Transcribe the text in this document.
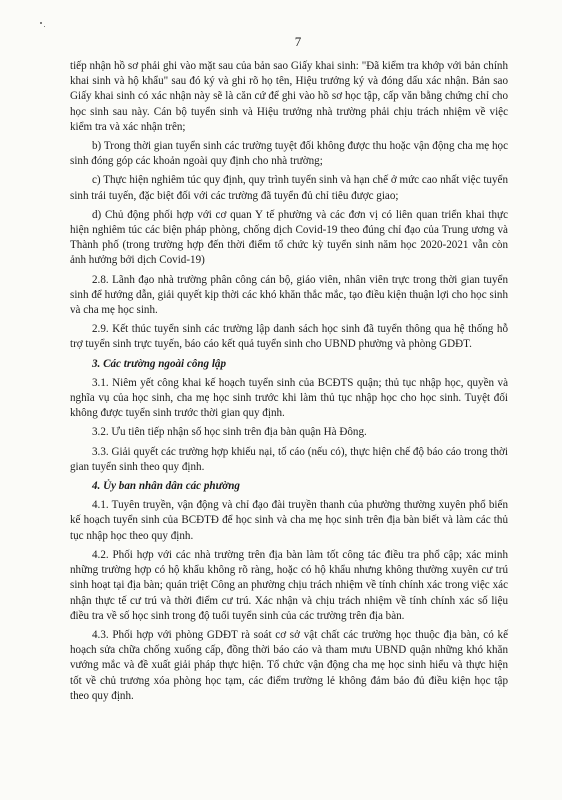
7

tiếp nhận hồ sơ phải ghi vào mặt sau của bản sao Giấy khai sinh: "Đã kiểm tra khớp với bản chính khai sinh và hộ khẩu" sau đó ký và ghi rõ họ tên, Hiệu trưởng ký và đóng dấu xác nhận. Bản sao Giấy khai sinh có xác nhận này sẽ là căn cứ để ghi vào hồ sơ học tập, cấp văn bằng chứng chỉ cho học sinh sau này. Cán bộ tuyển sinh và Hiệu trưởng nhà trường phải chịu trách nhiệm về việc kiểm tra và xác nhận trên;

b) Trong thời gian tuyển sinh các trường tuyệt đối không được thu hoặc vận động cha mẹ học sinh đóng góp các khoản ngoài quy định cho nhà trường;

c) Thực hiện nghiêm túc quy định, quy trình tuyển sinh và hạn chế ở mức cao nhất việc tuyển sinh trái tuyến, đặc biệt đối với các trường đã tuyển đủ chỉ tiêu được giao;

d) Chủ động phối hợp với cơ quan Y tế phường và các đơn vị có liên quan triển khai thực hiện nghiêm túc các biện pháp phòng, chống dịch Covid-19 theo đúng chỉ đạo của Trung ương và Thành phố (trong trường hợp đến thời điểm tổ chức kỳ tuyển sinh năm học 2020-2021 vẫn còn ảnh hưởng bởi dịch Covid-19)

2.8. Lãnh đạo nhà trường phân công cán bộ, giáo viên, nhân viên trực trong thời gian tuyển sinh để hướng dẫn, giải quyết kịp thời các khó khăn thắc mắc, tạo điều kiện thuận lợi cho học sinh và cha mẹ học sinh.

2.9. Kết thúc tuyển sinh các trường lập danh sách học sinh đã tuyển thông qua hệ thống hỗ trợ tuyển sinh trực tuyến, báo cáo kết quả tuyển sinh cho UBND phường và phòng GDĐT.

3. Các trường ngoài công lập

3.1. Niêm yết công khai kế hoạch tuyển sinh của BCĐTS quận; thủ tục nhập học, quyền và nghĩa vụ của học sinh, cha mẹ học sinh trước khi làm thủ tục nhập học cho học sinh. Tuyệt đối không được tuyển sinh trước thời gian quy định.

3.2. Ưu tiên tiếp nhận số học sinh trên địa bàn quận Hà Đông.

3.3. Giải quyết các trường hợp khiếu nại, tố cáo (nếu có), thực hiện chế độ báo cáo trong thời gian tuyển sinh theo quy định.

4. Ủy ban nhân dân các phường

4.1. Tuyên truyền, vận động và chỉ đạo đài truyền thanh của phường thường xuyên phổ biến kế hoạch tuyển sinh của BCĐTĐ để học sinh và cha mẹ học sinh trên địa bàn biết và làm các thủ tục nhập học theo quy định.

4.2. Phối hợp với các nhà trường trên địa bàn làm tốt công tác điều tra phổ cập; xác minh những trường hợp có hộ khẩu không rõ ràng, hoặc có hộ khẩu nhưng không thường xuyên cư trú sinh hoạt tại địa bàn; quán triệt Công an phường chịu trách nhiệm về tính chính xác trong việc xác nhận thực tế cư trú và thời điểm cư trú. Xác nhận và chịu trách nhiệm về tính chính xác số liệu điều tra về số học sinh trong độ tuổi tuyển sinh của các trường trên địa bàn.

4.3. Phối hợp với phòng GDĐT rà soát cơ sở vật chất các trường học thuộc địa bàn, có kế hoạch sửa chữa chống xuống cấp, đồng thời báo cáo và tham mưu UBND quận những khó khăn vướng mắc và đề xuất giải pháp thực hiện. Tổ chức vận động cha mẹ học sinh hiểu và thực hiện tốt về chủ trương xóa phòng học tạm, các điểm trường lẻ không đảm bảo đủ điều kiện học tập theo quy định.
